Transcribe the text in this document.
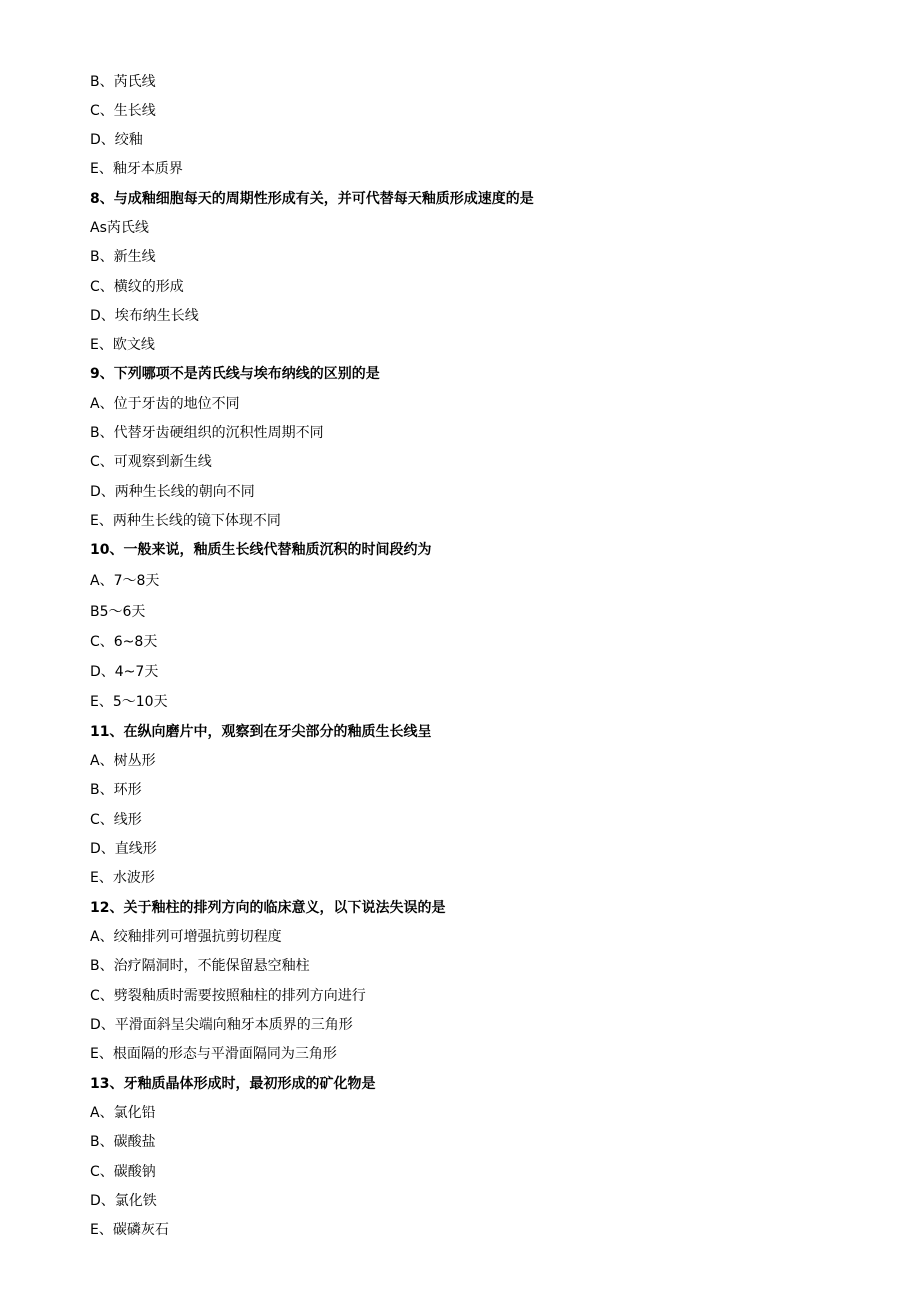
B、芮氏线
C、生长线
D、绞釉
E、釉牙本质界
8、与成釉细胞每天的周期性形成有关，并可代替每天釉质形成速度的是
As芮氏线
B、新生线
C、横纹的形成
D、埃布纳生长线
E、欧文线
9、下列哪项不是芮氏线与埃布纳线的区别的是
A、位于牙齿的地位不同
B、代替牙齿硬组织的沉积性周期不同
C、可观察到新生线
D、两种生长线的朝向不同
E、两种生长线的镜下体现不同
10、一般来说，釉质生长线代替釉质沉积的时间段约为
A、7～8天
B5～6天
C、6~8天
D、4~7天
E、5～10天
11、在纵向磨片中，观察到在牙尖部分的釉质生长线呈
A、树丛形
B、环形
C、线形
D、直线形
E、水波形
12、关于釉柱的排列方向的临床意义，以下说法失误的是
A、绞釉排列可增强抗剪切程度
B、治疗隔洞时，不能保留悬空釉柱
C、劈裂釉质时需要按照釉柱的排列方向进行
D、平滑面斜呈尖端向釉牙本质界的三角形
E、根面隔的形态与平滑面隔同为三角形
13、牙釉质晶体形成时，最初形成的矿化物是
A、氯化铅
B、碳酸盐
C、碳酸钠
D、氯化铁
E、碳磷灰石
